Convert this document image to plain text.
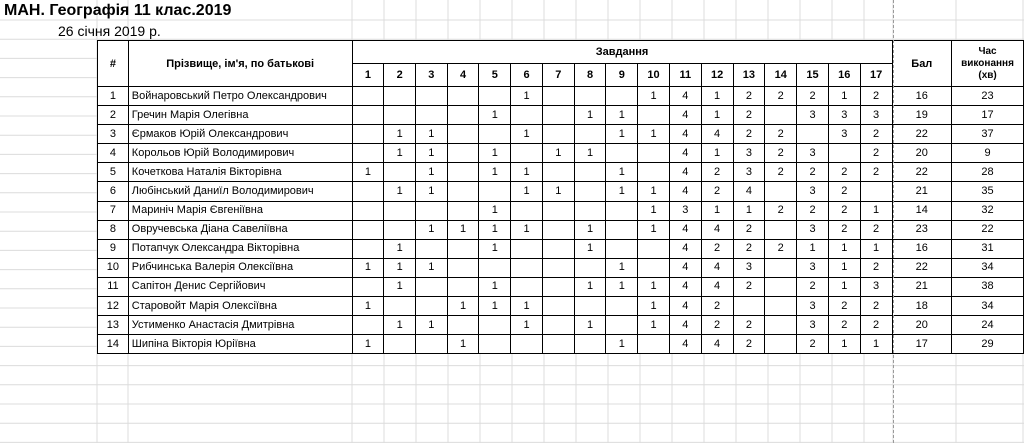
МАН. Географія 11 клас.2019
26 січня 2019 р.
#	Прізвище, ім'я, по батькові	Завдання																	Бал	Час виконання (хв)
		1	2	3	4	5	6	7	8	9	10	11	12	13	14	15	16	17		
1	Войнаровський Петро Олександрович						1				1	4	1	2	2	2	1	2	16	23
2	Гречин Марія Олегівна					1			1	1		4	1	2		3	3	3	19	17
3	Єрмаков Юрій Олександрович		1	1			1			1	1	4	4	2	2		3	2	22	37
4	Корольов Юрій Володимирович		1	1		1		1	1			4	1	3	2	3		2	20	9
5	Кочеткова Наталія Вікторівна	1		1		1	1			1		4	2	3	2	2	2	2	22	28
6	Любінський Даниїл Володимирович		1	1			1	1		1	1	4	2	4		3	2		21	35
7	Мариніч Марія Євгеніївна					1					1	3	1	1	2	2	2	1	14	32
8	Овручевська Діана Савеліївна			1	1	1	1		1		1	4	4	2		3	2	2	23	22
9	Потапчук Олександра Вікторівна		1			1			1			4	2	2	2	1	1	1	16	31
10	Рибчинська Валерія Олексіївна	1	1	1						1		4	4	3		3	1	2	22	34
11	Сапітон Денис Сергійович		1			1			1	1	1	4	4	2		2	1	3	21	38
12	Старовойт Марія Олексіївна	1			1	1	1				1	4	2			3	2	2	18	34
13	Устименко Анастасія Дмитрівна		1	1			1		1		1	4	2	2		3	2	2	20	24
14	Шипіна Вікторія Юріївна	1			1					1		4	4	2		2	1	1	17	29
